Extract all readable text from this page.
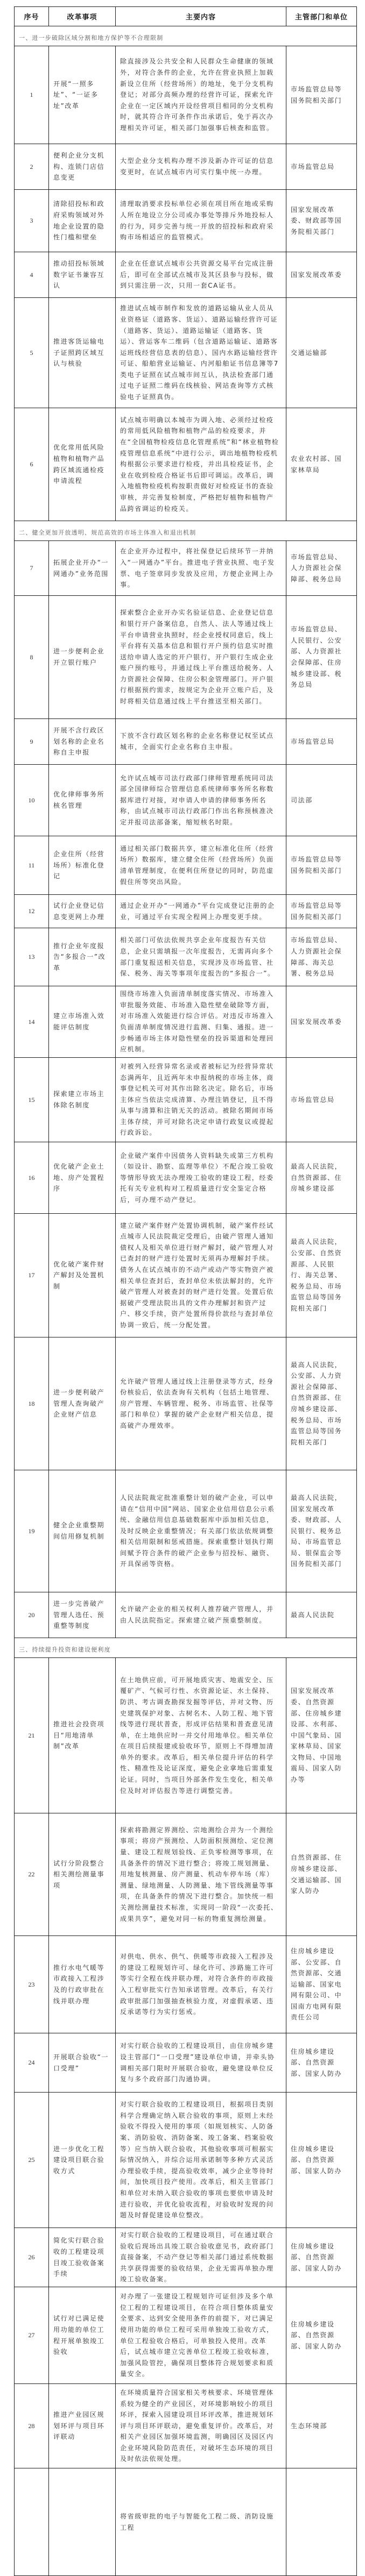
序号	改革事项	主要内容	主管部门和单位
一、进一步破除区域分割和地方保护等不合理限制			
1	开展“一照多址”、“一证多址”改革	除直接涉及公共安全和人民群众生命健康的领域外，对符合条件的企业，允许在营业执照上加载新设立住所（经营场所）的地址，免于分支机构登记；对部分高频办理的经营许可证，探索允许企业在一定区域内开设经营项目相同的分支机构时，就其符合许可条件作出承诺后，免于再次办理相关许可证，相关部门加强事后核查和监管。	市场监管总局等国务院相关部门
2	便利企业分支机构、连锁门店信息变更	大型企业分支机构办理不涉及新办许可证的信息变更时，在试点城市内可实行集中统一办理。	市场监管总局
3	清除招投标和政府采购领域对外地企业设置的隐性门槛和壁垒	清理取消要求投标单位必须在项目所在地或采购人所在地设立分公司或办事处等排斥外地投标人的行为，同步完善与统一开放的招投标和政府采购市场相适应的监管模式。	国家发展改革委、财政部等国务院相关部门
4	推动招投标领域数字证书兼容互认	企业在任意试点城市公共资源交易平台完成注册后，即可在全部试点城市及其区县参与投标，做到只需注册一次，只用一套CA证书。	国家发展改革委
5	推进客货运输电子证照跨区域互认与核验	推进试点城市制作和发放的道路运输从业人员从业资格证（道路客、货运）、道路运输经营许可证（道路客、货运）、道路运输证（道路客、货运）、营运客车二维码（包含道路运输证、道路客运班线经营信息表的信息）、国内水路运输经营许可证、船舶营业运输证、内河船舶证书信息簿等7类电子证照在试点城市间互认，执法检查部门通过电子证照二维码在线核验、网站查询等方式核验电子证照真伪。	交通运输部
6	优化常用低风险植物和植物产品跨区域流通检疫申请流程	试点城市明确以本城市为调入地、必须经过检疫的常用低风险植物和植物产品的检疫要求，并在“全国植物检疫信息化管理系统”和“林业植物检疫管理信息系统”中进行公示，调出地植物检疫机构根据公示要求进行检疫，并出具检疫证书，企业在收到检疫合格证书后即可调运。改革后，调入地植物检疫机构按职责做好对检疫证书的查验审核，并完善复检制度，严格把好植物和植物产品跨省调运的检疫关。	农业农村部、国家林草局
二、健全更加开放透明、规范高效的市场主体准入和退出机制			
7	拓展企业开办“一网通办”业务范围	在企业开办过程中，将社保登记后续环节一并纳入“一网通办”平台。推进电子营业执照、电子发票、电子签章同步发放及应用，方便企业网上办事。	市场监管总局、人力资源社会保障部、税务总局
8	进一步便利企业开立银行账户	探索整合企业开办实名验证信息、企业登记信息和银行开户备案信息，自然人、法人等通过线上平台申请营业执照时，经企业授权同意后，线上平台将有关基本信息和银行开户预约信息实时推送给申请人选定的开户银行，开户银行生成企业账户预约账号，并通过线上平台推送给税务、人力资源社会保障、住房公积金管理部门。开户银行根据预约需求，按规定为企业开立账户后，及时将相关信息通过线上平台推送至相关部门。	市场监管总局、人民银行、公安部、人力资源社会保障部、住房城乡建设部、税务总局
9	开展不含行政区划名称的企业名称自主申报	下放不含行政区划名称的企业名称登记权至试点城市，全面实行企业名称自主申报。	市场监管总局
10	优化律师事务所核名管理	允许试点城市司法行政部门律师管理系统同司法部全国律师综合管理信息系统律师事务所名称数据库进行对接，对申请人申请的律师事务所名称，由试点城市司法行政部门作出名称预核准决定并报司法部备案，缩短核名时限。	司法部
11	企业住所（经营场所）标准化登记	通过相关部门数据共享，建立标准化住所（经营场所）数据库，建立健全住所（经营场所）负面清单管理制度，在便利住所登记的同时，防范虚假住所等突出风险。	市场监管总局等国务院相关部门
12	试行企业登记信息变更网上办理	通过企业开办“一网通办”平台完成登记注册的企业，可通过平台实现全程网上办理变更手续。	市场监管总局等国务院相关部门
13	推行企业年度报告“多报合一”改革	相关部门可依法依规共享企业年度报告有关信息，企业只需填报一次年度报告，无需再向多个部门重复报送相关信息，实现涉及市场监管、社保、税务、海关等事项年度报告的“多报合一”。	市场监管总局、人力资源社会保障部、海关总署、税务总局
14	建立市场准入效能评估制度	围绕市场准入负面清单制度落实情况、市场准入审批服务效能、市场准入隐性壁垒破除等方面，对市场准入效能进行综合评估。对违反市场准入负面清单制度情况进行监测、归集、通报。进一步畅通市场主体对隐性壁垒的投诉渠道和处理回应机制。	国家发展改革委
15	探索建立市场主体除名制度	对被列入经营异常名录或者被标记为经营异常状态满两年，且近两年未申报纳税的市场主体，商事登记机关可对其作出除名决定。除名后，市场主体应当依法完成清算、办理注销登记，且不得从事与清算和注销无关的活动。被除名期间市场主体存续，并可对除名决定申请行政复议或提起行政诉讼。	市场监管总局
16	优化破产企业土地、房产处置程序	企业破产案件中因债务人资料缺失或第三方机构（如设计、勘察、监理等单位）不配合竣工验收等情形导致无法办理竣工验收的建设工程，经委托有关专业机构对工程质量进行安全鉴定合格后，可办理不动产登记。	最高人民法院，自然资源部、住房城乡建设部
17	优化破产案件财产解封及处置机制	建立破产案件财产处置协调机制，破产案件经试点城市人民法院裁定受理后，由破产管理人通知债权人及相关单位进行财产解封，破产管理人对已查封的财产进行处置时无须再办理解封手续。债务人在试点城市的不动产或动产等实物资产被相关单位查封后，查封单位未依法解封的，允许破产管理人对被查封的财产进行处置。处置后依据破产受理法院出具的文件办理解封和资产过户、移交手续，资产处置所得价款经与查封单位协调一致后，统一分配处置。	最高人民法院，公安部、自然资源部、人民银行、海关总署、税务总局、市场监管总局等国务院相关部门
18	进一步便利破产管理人查询破产企业财产信息	允许破产管理人通过线上注册登录等方式，经身份核验后，依法查询有关机构（包括土地管理、房产管理、车辆管理、税务、市场监管、社保等部门和单位）掌握的破产企业财产相关信息，提高破产办理效率。	最高人民法院，公安部、人力资源社会保障部、自然资源部、住房城乡建设部、税务总局、市场监管总局等国务院相关部门
19	健全企业重整期间信用修复机制	人民法院裁定批准重整计划的破产企业，可以申请在“信用中国”网站、国家企业信用信息公示系统、金融信用信息基础数据库中添加相关信息，及时反映企业重整情况；有关部门依法依规调整相关信用限制和惩戒措施。探索重整计划执行期间赋予符合条件的破产企业参与招投标、融资、开具保函等资格。	最高人民法院，国家发展改革委、财政部、人民银行、税务总局、市场监管总局、银保监会等国务院相关部门
20	进一步完善破产管理人选任、预重整等制度	允许破产企业的相关权利人推荐破产管理人，并由人民法院指定。探索建立破产预重整制度。	最高人民法院
三、持续提升投资和建设便利度			
21	推进社会投资项目“用地清单制”改革	在土地供应前，可开展地质灾害、地震安全、压覆矿产、气候可行性、水资源论证、水土保持、防洪、考古调查勘探发掘等评估，并对文物、历史建筑保护对象、古树名木、人防工程、地下管线等进行现状普查，形成评估结果和普查意见清单，在土地供应时一并交付用地单位。相关单位在项目后续报建或验收环节，原则上不得增加清单外的要求。改革后，相关单位提升评估的科学性、精准性及论证深度，避免企业拿地后需重复论证。同时，当项目外部条件发生变化，相关单位及时对评估报告等进行调整完善。	国家发展改革委、自然资源部、住房城乡建设部、水利部、中国气象局、国家林草局、国家文物局、中国地震局、国家人防办等
22	试行分阶段整合相关测绘测量事项	探索将勘测定界测绘、宗地测绘合并为一个测绘事项；将房产预测绘、人防面积预测绘、定位测量、建设工程规划验线、正负零检测等事项，在具备条件的情况下进行整合；将竣工规划测量、用地复核测量、房产测量、机动车停车场（库）测量、绿地测量、人防测量、地下管线测量等事项，在具备条件的情况下进行整合。加快统一相关测绘测量技术标准，实现同一阶段“一次委托、成果共享”，避免对同一标的物重复测绘测量。	自然资源部、住房城乡建设部、交通运输部、国家人防办
23	推行水电气暖等市政接入工程涉及的行政审批在线并联办理	对供电、供水、供气、供暖等市政接入工程涉及的建设工程规划许可、绿化许可、涉路施工许可等实行全程在线并联办理，对符合条件的市政接入工程审批实行告知承诺管理。改革后，有关行政审批部门加强抽查核验力度，对虚假承诺、违反承诺等行为实行惩戒。	住房城乡建设部、公安部、自然资源部、交通运输部、国家电网有限公司、中国南方电网有限责任公司
24	开展联合验收“一口受理”	对实行联合验收的工程建设项目，由住房城乡建设主管部门“一口受理”建设单位申请，并牵头协调相关部门限时开展联合验收，避免建设单位反复与多个政府部门沟通协调。	住房城乡建设部、自然资源部、国家人防办
25	进一步优化工程建设项目联合验收方式	对实行联合验收的工程建设项目，根据项目类别科学合理确定纳入联合验收的事项，原则上未经验收不得投入使用的事项（如规划核实、人防备案、消防验收、消防备案、竣工备案、档案验收等）应当纳入联合验收，其他验收事项可根据实际情况纳入，并综合运用承诺制等多种方式灵活办理验收手续，提高验收效率，减少企业等待时间，加快项目投产使用。改革后，相关主管部门和单位对未纳入联合验收的事项也要依申请及时进行验收，并优化验收流程，对验收时发现的问题及时督促建设单位整改。	住房城乡建设部、自然资源部、国家人防办
26	简化实行联合验收的工程建设项目竣工验收备案手续	对实行联合验收的工程建设项目，可在通过联合验收后现场出具竣工联合验收意见书，政府部门直接备案，不动产登记等相关部门通过系统数据共享获得需要的验收结果，企业无需再单独办理竣工验收备案。	住房城乡建设部、自然资源部、国家人防办
27	试行对已满足使用功能的单位工程开展单独竣工验收	对办理了一张建设工程规划许可证但涉及多个单位工程的工程建设项目，在符合项目整体质量安全要求、达到安全使用条件的前提下，对已满足使用功能的单位工程可采用单独竣工验收方式，单位工程验收合格后，可单独投入使用。改革后，试点城市建立完善单位工程竣工验收标准，加强风险管控，确保项目整体符合规划要求和质量安全。	住房城乡建设部、自然资源部、国家人防办
28	推进产业园区规划环评与项目环评联动	在环境质量符合国家相关考核要求、环境管理体系较为健全的产业园区，对环境影响较小的项目环评，探索入园建设项目环评改革，推进规划环评与项目环评联动，避免重复评价。改革后，对相关产业园区加强环境监测，明确园区及园区内企业环境风险防范责任，对破坏生态环境的项目及时依法依规处理。	生态环境部
		将省级审批的电子与智能化工程二级、消防设施工程	
